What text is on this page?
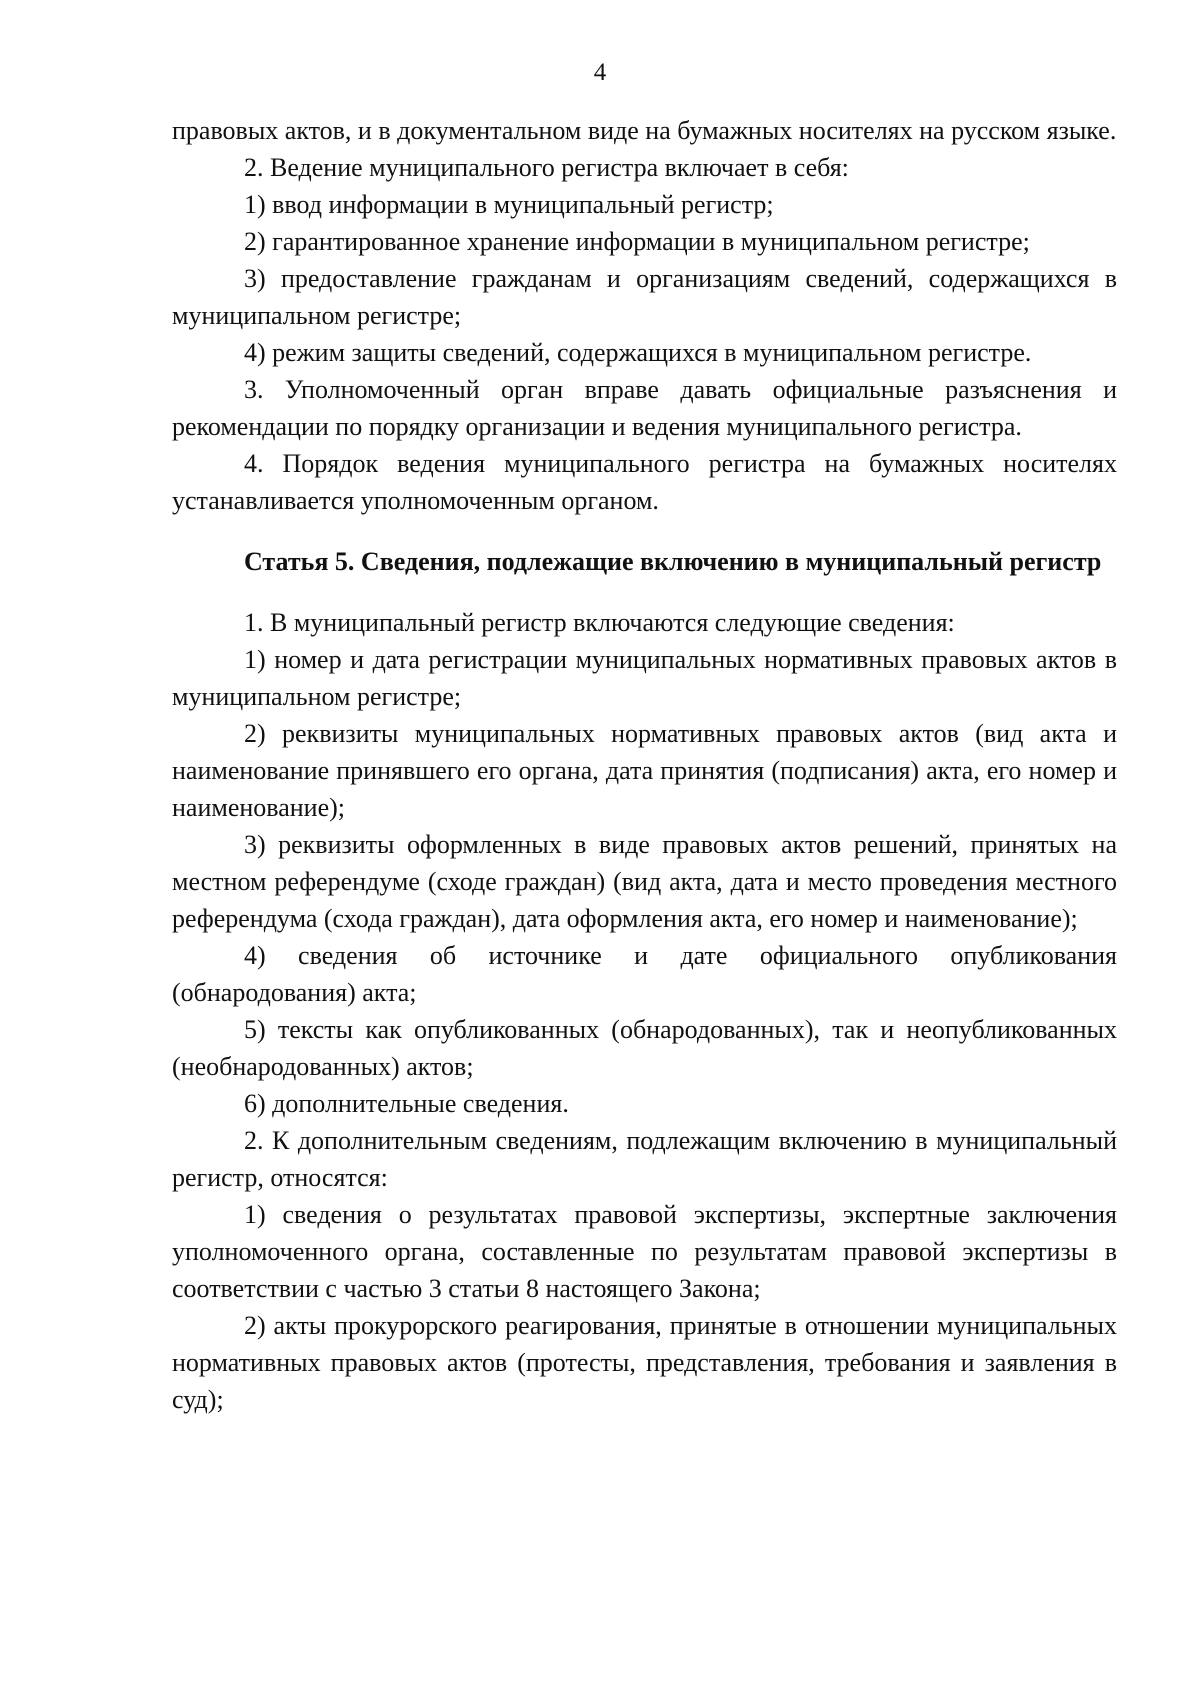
4

правовых актов, и в документальном виде на бумажных носителях на русском языке.

2. Ведение муниципального регистра включает в себя:

1) ввод информации в муниципальный регистр;

2) гарантированное хранение информации в муниципальном регистре;

3) предоставление гражданам и организациям сведений, содержащихся в муниципальном регистре;

4) режим защиты сведений, содержащихся в муниципальном регистре.

3. Уполномоченный орган вправе давать официальные разъяснения и рекомендации по порядку организации и ведения муниципального регистра.

4. Порядок ведения муниципального регистра на бумажных носителях устанавливается уполномоченным органом.

Статья 5. Сведения, подлежащие включению в муниципальный регистр

1. В муниципальный регистр включаются следующие сведения:

1) номер и дата регистрации муниципальных нормативных правовых актов в муниципальном регистре;

2) реквизиты муниципальных нормативных правовых актов (вид акта и наименование принявшего его органа, дата принятия (подписания) акта, его номер и наименование);

3) реквизиты оформленных в виде правовых актов решений, принятых на местном референдуме (сходе граждан) (вид акта, дата и место проведения местного референдума (схода граждан), дата оформления акта, его номер и наименование);

4) сведения об источнике и дате официального опубликования (обнародования) акта;

5) тексты как опубликованных (обнародованных), так и неопубликованных (необнародованных) актов;

6) дополнительные сведения.

2. К дополнительным сведениям, подлежащим включению в муниципальный регистр, относятся:

1) сведения о результатах правовой экспертизы, экспертные заключения уполномоченного органа, составленные по результатам правовой экспертизы в соответствии с частью 3 статьи 8 настоящего Закона;

2) акты прокурорского реагирования, принятые в отношении муниципальных нормативных правовых актов (протесты, представления, требования и заявления в суд);
